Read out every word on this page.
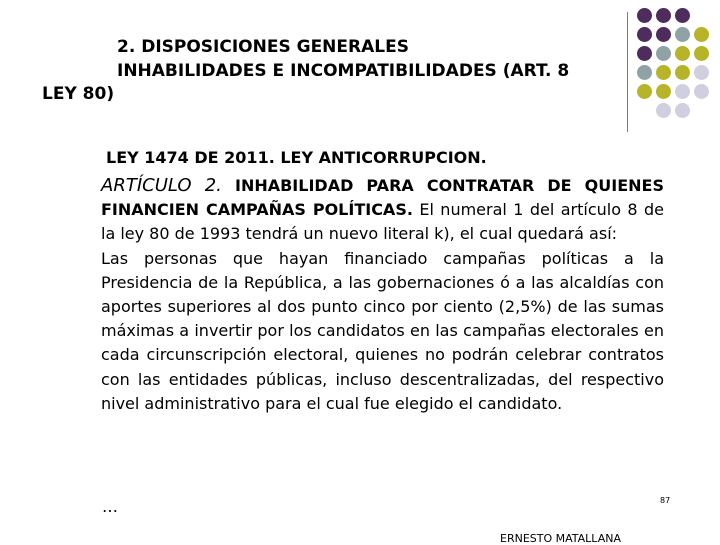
2. DISPOSICIONES GENERALES
INHABILIDADES E INCOMPATIBILIDADES (ART. 8
LEY 80)
LEY 1474 DE 2011. LEY ANTICORRUPCION.

ARTÍCULO 2. INHABILIDAD PARA CONTRATAR DE QUIENES FINANCIEN CAMPAÑAS POLÍTICAS. El numeral 1 del artículo 8 de la ley 80 de 1993 tendrá un nuevo literal k), el cual quedará así:

Las personas que hayan financiado campañas políticas a la Presidencia de la República, a las gobernaciones ó a las alcaldías con aportes superiores al dos punto cinco por ciento (2,5%) de las sumas máximas a invertir por los candidatos en las campañas electorales en cada circunscripción electoral, quienes no podrán celebrar contratos con las entidades públicas, incluso descentralizadas, del respectivo nivel administrativo para el cual fue elegido el candidato.

…	87
ERNESTO MATALLANA
